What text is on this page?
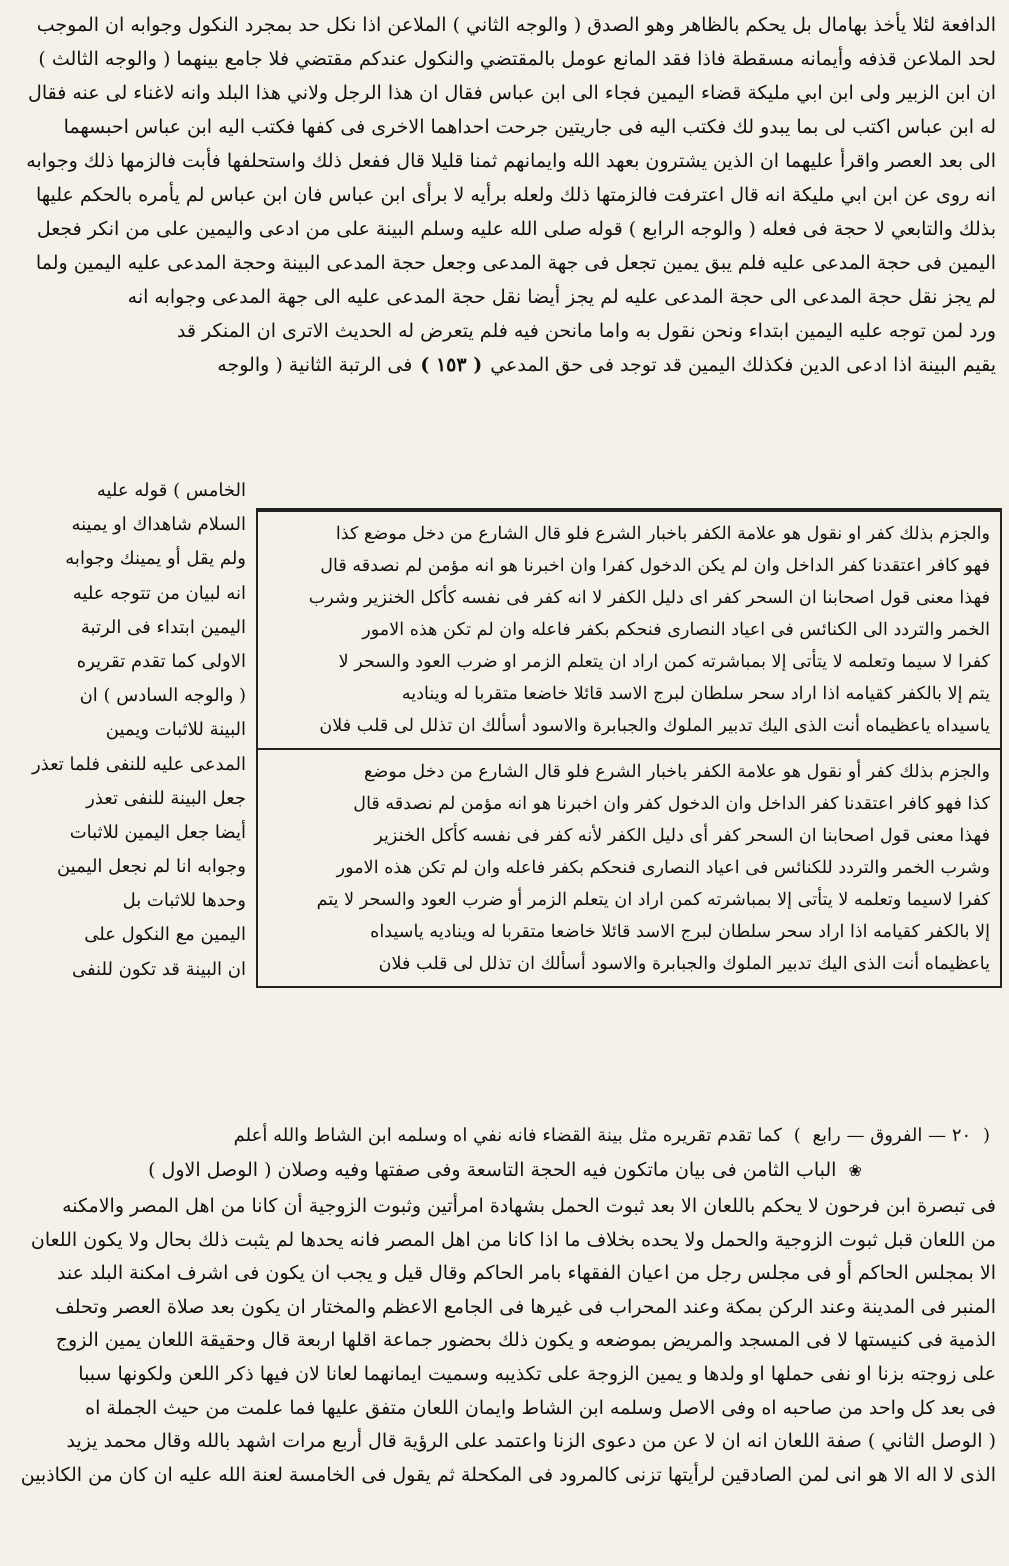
الدافعة لئلا يأخذ بهامال بل يحكم بالظاهر وهو الصدق ( والوجه الثاني ) الملاعن اذا نكل حد بمجرد النكول وجوابه ان الموجب
لحد الملاعن قذفه وأيمانه مسقطة فاذا فقد المانع عومل بالمقتضي والنكول عندكم مقتضي فلا جامع بينهما ( والوجه الثالث )
ان ابن الزبير ولى ابن ابي مليكة قضاء اليمين فجاء الى ابن عباس فقال ان هذا الرجل ولاني هذا البلد وانه لاغناء لى عنه فقال
له ابن عباس اكتب لى بما يبدو لك فكتب اليه فى جاريتين جرحت احداهما الاخرى فى كفها فكتب اليه ابن عباس احبسهما
الى بعد العصر واقرأ عليهما ان الذين يشترون بعهد الله وايمانهم ثمنا قليلا قال ففعل ذلك واستحلفها فأبت فالزمها ذلك وجوابه
انه روى عن ابن ابي مليكة انه قال اعترفت فالزمتها ذلك ولعله برأيه لا برأى ابن عباس فان ابن عباس لم يأمره بالحكم عليها
بذلك والتابعي لا حجة فى فعله ( والوجه الرابع ) قوله صلى الله عليه وسلم البينة على من ادعى واليمين على من انكر فجعل
اليمين فى حجة المدعى عليه فلم يبق يمين تجعل فى جهة المدعى وجعل حجة المدعى البينة وحجة المدعى عليه اليمين ولما
لم يجز نقل حجة المدعى الى حجة المدعى عليه لم يجز أيضا نقل حجة المدعى عليه الى جهة المدعى وجوابه انه
ورد لمن توجه عليه اليمين ابتداء ونحن نقول به واما مانحن فيه فلم يتعرض له الحديث الاترى ان المنكر قد
يقيم البينة اذا ادعى الدين فكذلك اليمين قد توجد فى حق المدعي( ١٥٣ )فى الرتبة الثانية ( والوجه
الخامس ) قوله عليه
السلام شاهداك او يمينه
ولم يقل أو يمينك وجوابه
انه لبيان من تتوجه عليه
اليمين ابتداء فى الرتبة
الاولى كما تقدم تقريره
( والوجه السادس ) ان
البينة للاثبات ويمين
المدعى عليه للنفى فلما تعذر
جعل البينة للنفى تعذر
أيضا جعل اليمين للاثبات
وجوابه انا لم نجعل اليمين
وحدها للاثبات بل
اليمين مع النكول على
ان البينة قد تكون للنفى
والجزم بذلك كفر او نقول هو علامة الكفر باخبار الشرع فلو قال الشارع من دخل موضع كذا
فهو كافر اعتقدنا كفر الداخل وان لم يكن الدخول كفرا وان اخبرنا هو انه مؤمن لم نصدقه قال
فهذا معنى قول اصحابنا ان السحر كفر اى دليل الكفر لا انه كفر فى نفسه كأكل الخنزير وشرب
الخمر والتردد الى الكنائس فى اعياد النصارى فنحكم بكفر فاعله وان لم تكن هذه الامور
كفرا لا سيما وتعلمه لا يتأتى إلا بمباشرته كمن اراد ان يتعلم الزمر او ضرب العود والسحر لا
يتم إلا بالكفر كقيامه اذا اراد سحر سلطان لبرج الاسد قائلا خاضعا متقربا له ويناديه
ياسيداه ياعظيماه أنت الذى اليك تدبير الملوك والجبابرة والاسود أسألك ان تذلل لى قلب فلان
والجزم بذلك كفر أو نقول هو علامة الكفر باخبار الشرع فلو قال الشارع من دخل موضع
كذا فهو كافر اعتقدنا كفر الداخل وان الدخول كفر وان اخبرنا هو انه مؤمن لم نصدقه قال
فهذا معنى قول اصحابنا ان السحر كفر أى دليل الكفر لأنه كفر فى نفسه كأكل الخنزير
وشرب الخمر والتردد للكنائس فى اعياد النصارى فنحكم بكفر فاعله وان لم تكن هذه الامور
كفرا لاسيما وتعلمه لا يتأتى إلا بمباشرته كمن اراد ان يتعلم الزمر أو ضرب العود والسحر لا يتم
إلا بالكفر كقيامه اذا اراد سحر سلطان لبرج الاسد قائلا خاضعا متقربا له ويناديه ياسيداه
ياعظيماه أنت الذى اليك تدبير الملوك والجبابرة والاسود أسألك ان تذلل لى قلب فلان
( ٢٠ — الفروق — رابع ) كما تقدم تقريره مثل بينة القضاء فانه نفي اه وسلمه ابن الشاط والله أعلم
❀ الباب الثامن فى بيان ماتكون فيه الحجة التاسعة وفى صفتها وفيه وصلان ( الوصل الاول )
فى تبصرة ابن فرحون لا يحكم باللعان الا بعد ثبوت الحمل بشهادة امرأتين وثبوت الزوجية أن كانا من اهل المصر والامكنه
من اللعان قبل ثبوت الزوجية والحمل ولا يحده بخلاف ما اذا كانا من اهل المصر فانه يحدها لم يثبت ذلك بحال ولا يكون اللعان
الا بمجلس الحاكم أو فى مجلس رجل من اعيان الفقهاء بامر الحاكم وقال قيل و يجب ان يكون فى اشرف امكنة البلد عند
المنبر فى المدينة وعند الركن بمكة وعند المحراب فى غيرها فى الجامع الاعظم والمختار ان يكون بعد صلاة العصر وتحلف
الذمية فى كنيستها لا فى المسجد والمريض بموضعه و يكون ذلك بحضور جماعة اقلها اربعة قال وحقيقة اللعان يمين الزوج
على زوجته بزنا او نفى حملها او ولدها و يمين الزوجة على تكذيبه وسميت ايمانهما لعانا لان فيها ذكر اللعن ولكونها سببا
فى بعد كل واحد من صاحبه اه وفى الاصل وسلمه ابن الشاط وايمان اللعان متفق عليها فما علمت من حيث الجملة اه
( الوصل الثاني ) صفة اللعان انه ان لا عن من دعوى الزنا واعتمد على الرؤية قال أربع مرات اشهد بالله وقال محمد يزيد
الذى لا اله الا هو انى لمن الصادقين لرأيتها تزنى كالمرود فى المكحلة ثم يقول فى الخامسة لعنة الله عليه ان كان من الكاذبين
